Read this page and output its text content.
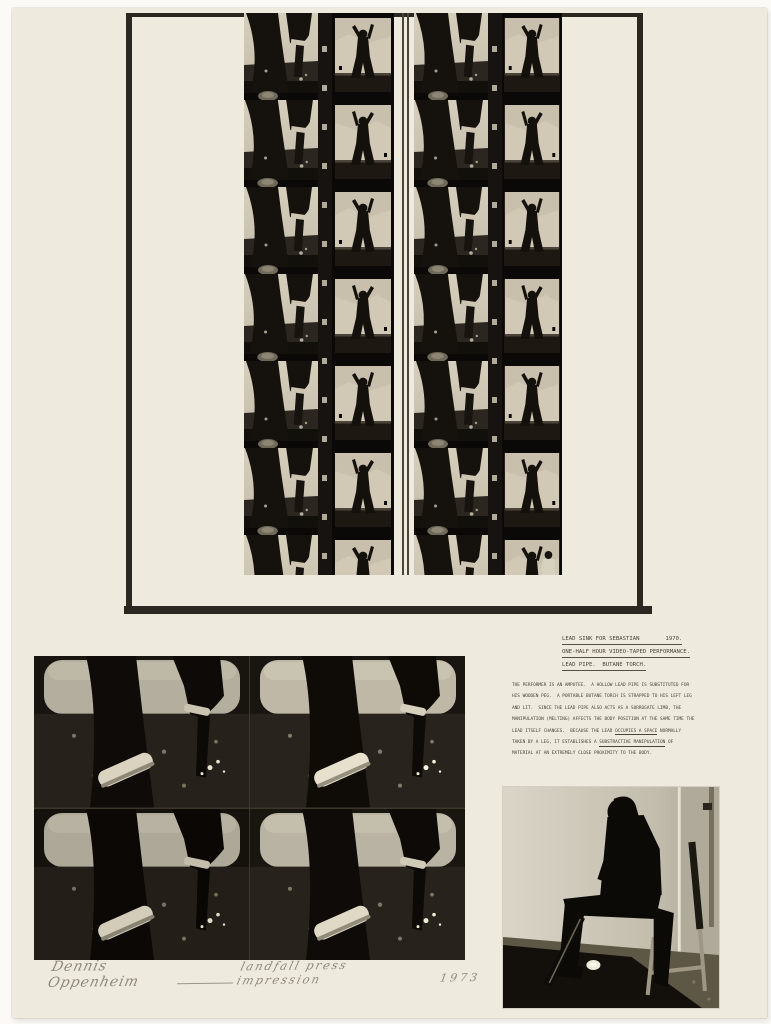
LEAD SINK FOR SEBASTIAN	1970.
ONE-HALF HOUR VIDEO-TAPED PERFORMANCE.
LEAD PIPE.  BUTANE TORCH.
THE PERFORMER IS AN AMPUTEE.  A HOLLOW LEAD PIPE IS SUBSTITUTED FOR
HIS WOODEN PEG.  A PORTABLE BUTANE TORCH IS STRAPPED TO HIS LEFT LEG
AND LIT.  SINCE THE LEAD PIPE ALSO ACTS AS A SURROGATE LIMB, THE
MANIPULATION (MELTING) AFFECTS THE BODY POSITION AT THE SAME TIME THE
LEAD ITSELF CHANGES.  BECAUSE THE LEAD OCCUPIES A SPACE NORMALLY
TAKEN BY A LEG, IT ESTABLISHES A SUBSTRACTIVE MANIPULATION OF
MATERIAL AT AN EXTREMELY CLOSE PROXIMITY TO THE BODY.
Dennis Oppenheim
landfall press impression	1973
